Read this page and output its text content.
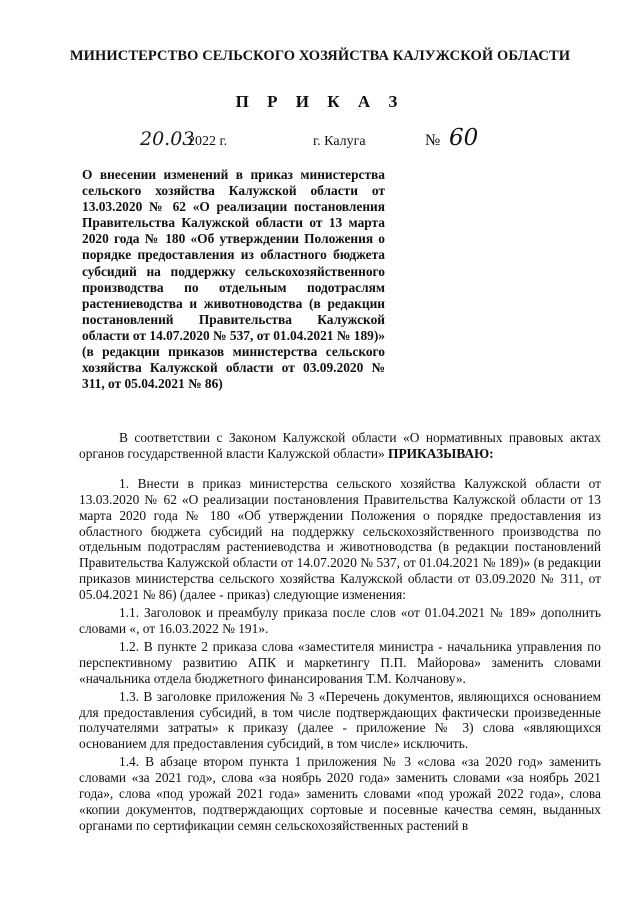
МИНИСТЕРСТВО СЕЛЬСКОГО ХОЗЯЙСТВА КАЛУЖСКОЙ ОБЛАСТИ
П Р И К А З
20.03
2022 г.	г. Калуга	№ 60
О внесении изменений в приказ министерства сельского хозяйства Калужской области от 13.03.2020 № 62 «О реализации постановления Правительства Калужской области от 13 марта 2020 года № 180 «Об утверждении Положения о порядке предоставления из областного бюджета субсидий на поддержку сельскохозяйственного производства по отдельным подотраслям растениеводства и животноводства (в редакции постановлений Правительства Калужской области от 14.07.2020 № 537, от 01.04.2021 № 189)» (в редакции приказов министерства сельского хозяйства Калужской области от 03.09.2020 № 311, от 05.04.2021 № 86)

В соответствии с Законом Калужской области «О нормативных правовых актах органов государственной власти Калужской области» ПРИКАЗЫВАЮ:

1. Внести в приказ министерства сельского хозяйства Калужской области от 13.03.2020 № 62 «О реализации постановления Правительства Калужской области от 13 марта 2020 года № 180 «Об утверждении Положения о порядке предоставления из областного бюджета субсидий на поддержку сельскохозяйственного производства по отдельным подотраслям растениеводства и животноводства (в редакции постановлений Правительства Калужской области от 14.07.2020 № 537, от 01.04.2021 № 189)» (в редакции приказов министерства сельского хозяйства Калужской области от 03.09.2020 № 311, от 05.04.2021 № 86) (далее - приказ) следующие изменения:

1.1. Заголовок и преамбулу приказа после слов «от 01.04.2021 № 189» дополнить словами «, от 16.03.2022 № 191».

1.2. В пункте 2 приказа слова «заместителя министра - начальника управления по перспективному развитию АПК и маркетингу П.П. Майорова» заменить словами «начальника отдела бюджетного финансирования Т.М. Колчанову».

1.3. В заголовке приложения № 3 «Перечень документов, являющихся основанием для предоставления субсидий, в том числе подтверждающих фактически произведенные получателями затраты» к приказу (далее - приложение № 3) слова «являющихся основанием для предоставления субсидий, в том числе» исключить.

1.4. В абзаце втором пункта 1 приложения № 3 «слова «за 2020 год» заменить словами «за 2021 год», слова «за ноябрь 2020 года» заменить словами «за ноябрь 2021 года», слова «под урожай 2021 года» заменить словами «под урожай 2022 года», слова «копии документов, подтверждающих сортовые и посевные качества семян, выданных органами по сертификации семян сельскохозяйственных растений в
